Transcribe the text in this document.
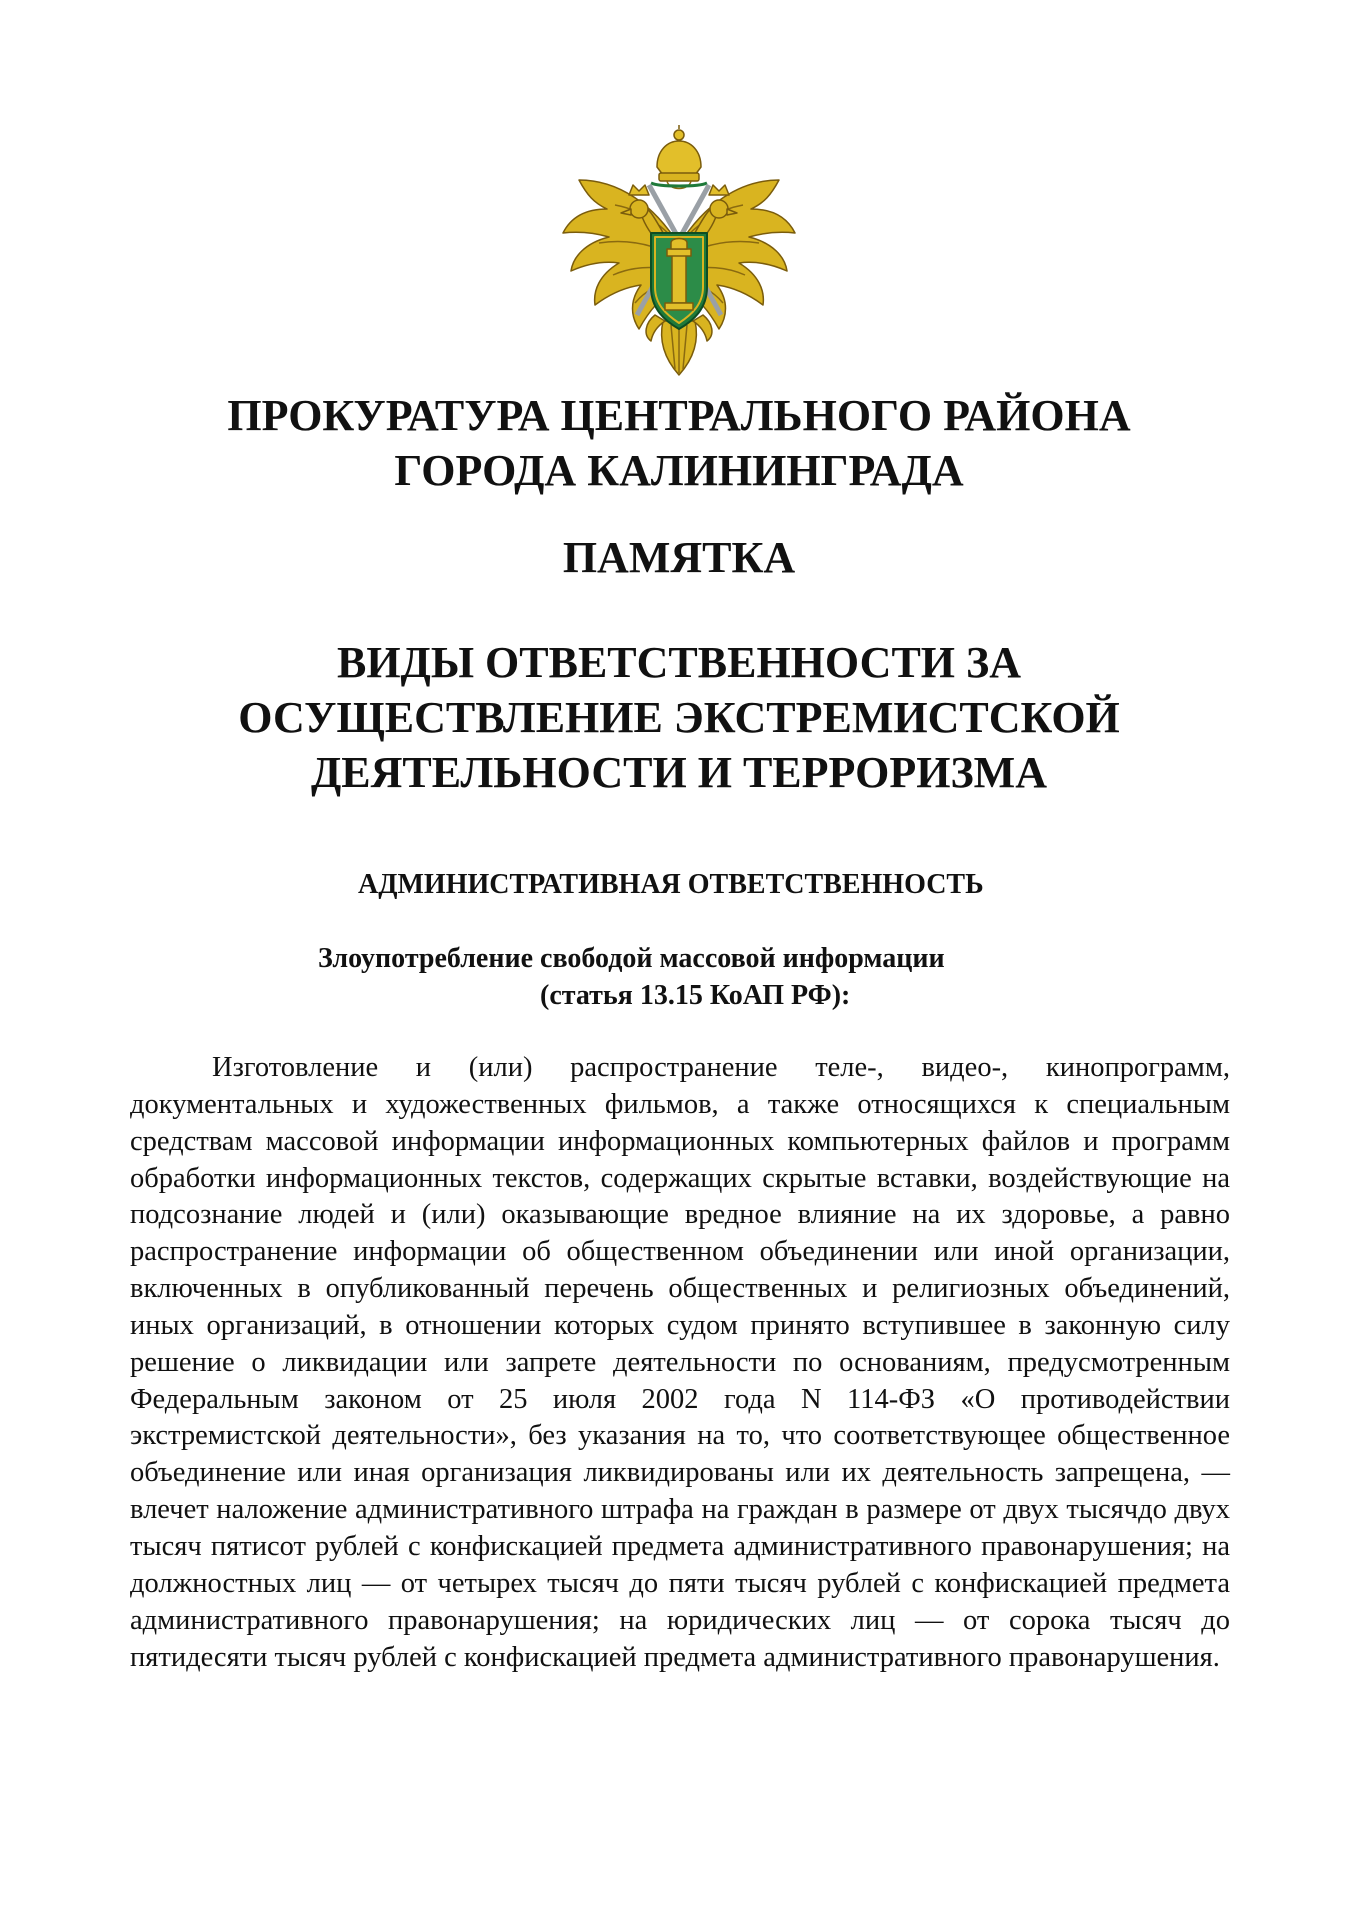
ПРОКУРАТУРА ЦЕНТРАЛЬНОГО РАЙОНА
ГОРОДА КАЛИНИНГРАДА
ПАМЯТКА
ВИДЫ ОТВЕТСТВЕННОСТИ ЗА
ОСУЩЕСТВЛЕНИЕ ЭКСТРЕМИСТСКОЙ
ДЕЯТЕЛЬНОСТИ И ТЕРРОРИЗМА
АДМИНИСТРАТИВНАЯ ОТВЕТСТВЕННОСТЬ
Злоупотребление свободой массовой информации
(статья 13.15 КоАП РФ):

Изготовление и (или) распространение теле-, видео-, кинопрограмм, документальных и художественных фильмов, а также относящихся к специальным средствам массовой информации информационных компьютерных файлов и программ обработки информационных текстов, содержащих скрытые вставки, воздействующие на подсознание людей и (или) оказывающие вредное влияние на их здоровье, а равно распространение информации об общественном объединении или иной организации, включенных в опубликованный перечень общественных и религиозных объединений, иных организаций, в отношении которых судом принято вступившее в законную силу решение о ликвидации или запрете деятельности по основаниям, предусмотренным Федеральным законом от 25 июля 2002 года N 114-ФЗ «О противодействии экстремистской деятельности», без указания на то, что соответствующее общественное объединение или иная организация ликвидированы или их деятельность запрещена, — влечет наложение административного штрафа на граждан в размере от двух тысячдо двух тысяч пятисот рублей с конфискацией предмета административного правонарушения; на должностных лиц — от четырех тысяч до пяти тысяч рублей с конфискацией предмета административного правонарушения; на юридических лиц — от сорока тысяч до пятидесяти тысяч рублей с конфискацией предмета административного правонарушения.
